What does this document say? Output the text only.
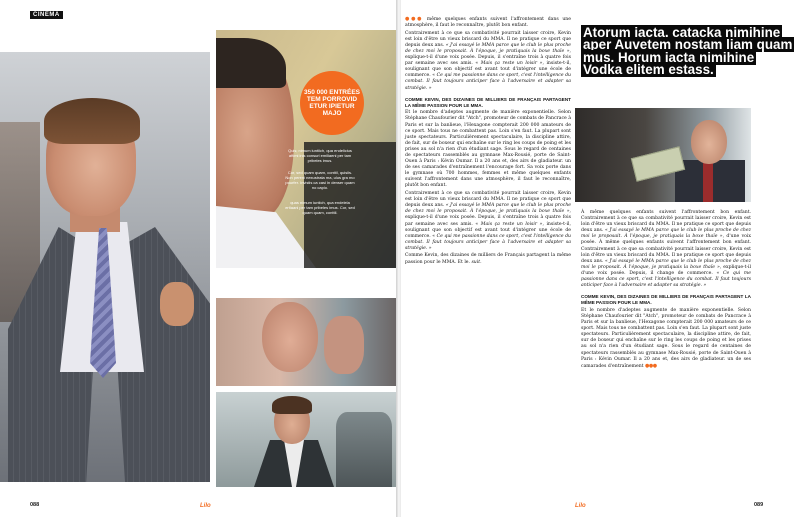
CINEMA
350 000 ENTRÉES TEM PORROVID ETUR IPIETUR MAJO
Quis; nimum iuntiich, qua endelicius aftimi inis consuri emiliaeni per tam pribeles imus.
Cor, sed quam quam, conttil, quisiis. Non pereni nexustrata ma, ulus gra mo pourfer. Invistis ca casi in denser quam no capio.
quas nimum iuntich, qua endelela ertiaani per tam pribeles imus. Cor, sed quam quam, conttil.
088	Lilo

●●● même quelques enfants suivent l'affrontement dans une atmosphère, il faut le reconnaître, plutôt bon enfant.

Contrairement à ce que sa combativité pourrait laisser croire, Kevin est loin d'être un vieux briscard du MMA. Il ne pratique ce sport que depuis deux ans. « J'ai essayé le MMA parce que le club le plus proche de chez moi le proposait. À l'époque, je pratiquais la boxe thaïe », explique-t-il d'une voix posée. Depuis, il s'entraîne trois à quatre fois par semaine avec ses amis. « Mais ça reste un loisir », insiste-t-il, soulignant que son objectif est avant tout d'intégrer une école de commerce. « Ce qui me passionne dans ce sport, c'est l'intelligence du combat. Il faut toujours anticiper face à l'adversaire et adapter sa stratégie. »

COMME KEVIN, DES DIZAINES DE MILLIERS DE FRANÇAIS PARTAGENT LA MÊME PASSION POUR LE MMA.

Et le nombre d'adeptes augmente de manière exponentielle. Selon Stéphane Chaufourier dit "Atch", promoteur de combats de Pancrace à Paris et sur la banlieue, l'Hexagone compterait 200 000 amateurs de ce sport. Mais tous ne combattent pas. Loin s'en faut. La plupart sont juste spectateurs. Particulièrement spectaculaire, la discipline attire, de fait, sur de boxeur qui enchaîne sur le ring les coups de poing et les prises au sol n'a rien d'un étudiant sage. Sous le regard de centaines de spectateurs rassemblés au gymnase Max-Rousié, porte de Saint-Ouen à Paris : Kévin Oumar. Il a 20 ans et, des airs de gladiateur. un de ses camarades d'entraînement l'encourage fort. Sa voix porte dans le gymnase où 700 hommes, femmes et même quelques enfants suivent l'affrontement dans une atmosphère, il faut le reconnaître, plutôt bon enfant.

Contrairement à ce que sa combativité pourrait laisser croire, Kevin est loin d'être un vieux briscard du MMA. Il ne pratique ce sport que depuis deux ans. « J'ai essayé le MMA parce que le club le plus proche de chez moi le proposait. À l'époque, je pratiquais la boxe thaïe », explique-t-il d'une voix posée. Depuis, il s'entraîne trois à quatre fois par semaine avec ses amis. « Mais ça reste un loisir », insiste-t-il, soulignant que son objectif est avant tout d'intégrer une école de commerce. « Ce qui me passionne dans ce sport, c'est l'intelligence du combat. Il faut toujours anticiper face à l'adversaire et adapter sa stratégie. »

Comme Kevin, des dizaines de milliers de Français partagent la même passion pour le MMA. Et le. suit.

Atorum iacta, catacka nimihine aper Auvetem nostam liam quam mus. Horum iacta nimihine Vodka elitem estass.

À même quelques enfants suivent l'affrontement bon enfant. Contrairement à ce que sa combativité pourrait laisser croire, Kevin est loin d'être un vieux briscard du MMA. Il ne pratique ce sport que depuis deux ans. « J'ai essayé le MMA parce que le club le plus proche de chez moi le proposait. À l'époque, je pratiquais la boxe thaïe », d'une voix posée. À même quelques enfants suivent l'affrontement bon enfant. Contrairement à ce que sa combativité pourrait laisser croire, Kevin est loin d'être un vieux briscard du MMA. Il ne pratique ce sport que depuis deux ans. « J'ai essayé le MMA parce que le club le plus proche de chez moi le proposait. À l'époque, je pratiquais la boxe thaïe », explique-t-il d'une voix posée. Depuis, il change de commerce. « Ce qui me passionne dans ce sport, c'est l'intelligence du combat. Il faut toujours anticiper face à l'adversaire et adapter sa stratégie. »

COMME KEVIN, DES DIZAINES DE MILLIERS DE FRANÇAIS PARTAGENT LA MÊME PASSION POUR LE MMA.

Et le nombre d'adeptes augmente de manière exponentielle. Selon Stéphane Chaufourier dit "Atch", promoteur de combats de Pancrace à Paris et sur la banlieue, l'Hexagone compterait 200 000 amateurs de ce sport. Mais tous ne combattent pas. Loin s'en faut. La plupart sont juste spectateurs. Particulièrement spectaculaire, la discipline attire, de fait, sur de boxeur qui enchaîne sur le ring les coups de poing et les prises au sol n'a rien d'un étudiant sage. Sous le regard de centaines de spectateurs rassemblés au gymnase Max-Rousié, porte de Saint-Ouen à Paris : Kévin Oumar. Il a 20 ans et, des airs de gladiateur. un de ses camarades d'entraînement ●●●

Lilo	089
